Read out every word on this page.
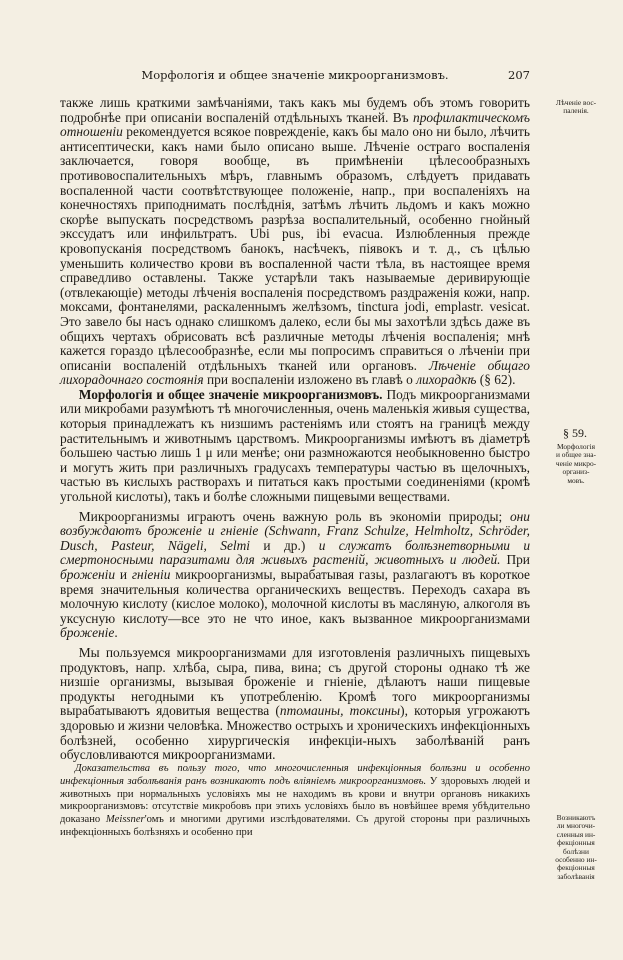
Морфологія и общее значеніе микроорганизмовъ.	207

также лишь краткими замѣчаніями, такъ какъ мы будемъ объ этомъ говорить подробнѣе при описаніи воспаленій отдѣльныхъ тканей. Въ профилактическомъ отношеніи рекомендуется всякое поврежденіе, какъ бы мало оно ни было, лѣчить антисептически, какъ нами было описано выше. Лѣченіе остраго воспаленія заключается, говоря вообще, въ примѣненіи цѣлесообразныхъ противовоспалительныхъ мѣръ, главнымъ образомъ, слѣдуетъ придавать воспаленной части соотвѣтствующее положеніе, напр., при воспаленіяхъ на конечностяхъ приподнимать послѣднія, затѣмъ лѣчить льдомъ и какъ можно скорѣе выпускать посредствомъ разрѣза воспалительный, особенно гнойный экссудатъ или инфильтратъ. Ubi pus, ibi evacua. Излюбленныя прежде кровопусканія посредствомъ банокъ, насѣчекъ, піявокъ и т. д., съ цѣлью уменьшить количество крови въ воспаленной части тѣла, въ настоящее время справедливо оставлены. Также устарѣли такъ называемые деривирующіе (отвлекающіе) методы лѣченія воспаленія посредствомъ раздраженія кожи, напр. моксами, фонтанелями, раскаленнымъ желѣзомъ, tinctura jodi, emplastr. vesicat. Это завело бы насъ однако слишкомъ далеко, если бы мы захотѣли здѣсь даже въ общихъ чертахъ обрисовать всѣ различные методы лѣченія воспаленія; мнѣ кажется гораздо цѣлесообразнѣе, если мы попросимъ справиться о лѣченіи при описаніи воспаленій отдѣльныхъ тканей или органовъ. Лѣченіе общаго лихорадочнаго состоянія при воспаленіи изложено въ главѣ о лихорадкѣ (§ 62).

Морфологія и общее значеніе микроорганизмовъ. Подъ микроорганизмами или микробами разумѣютъ тѣ многочисленныя, очень маленькія живыя существа, которыя принадлежатъ къ низшимъ растеніямъ или стоятъ на границѣ между растительнымъ и животнымъ царствомъ. Микроорганизмы имѣютъ въ діаметрѣ большею частью лишь 1 μ или менѣе; они размножаются необыкновенно быстро и могутъ жить при различныхъ градусахъ температуры частью въ щелочныхъ, частью въ кислыхъ растворахъ и питаться какъ простыми соединеніями (кромѣ угольной кислоты), такъ и болѣе сложными пищевыми веществами.

Микроорганизмы играютъ очень важную роль въ экономіи природы; они возбуждаютъ броженіе и гніеніе (Schwann, Franz Schulze, Helmholtz, Schröder, Dusch, Pasteur, Nägeli, Selmi и др.) и служатъ болѣзнетворными и смертоносными паразитами для живыхъ растеній, животныхъ и людей. При броженіи и гніеніи микроорганизмы, вырабатывая газы, разлагаютъ въ короткое время значительныя количества органическихъ веществъ. Переходъ сахара въ молочную кислоту (кислое молоко), молочной кислоты въ масляную, алкоголя въ уксусную кислоту—все это не что иное, какъ вызванное микроорганизмами броженіе.

Мы пользуемся микроорганизмами для изготовленія различныхъ пищевыхъ продуктовъ, напр. хлѣба, сыра, пива, вина; съ другой стороны однако тѣ же низшіе организмы, вызывая броженіе и гніеніе, дѣлаютъ наши пищевые продукты негодными къ употребленію. Кромѣ того микроорганизмы вырабатываютъ ядовитыя вещества (птомаины, токсины), которыя угрожаютъ здоровью и жизни человѣка. Множество острыхъ и хроническихъ инфекціонныхъ болѣзней, особенно хирургическія инфекціи-ныхъ заболѣваній ранъ обусловливаются микроорганизмами.

Доказательства въ пользу того, что многочисленныя инфекціонныя болѣзни и особенно инфекціонныя заболѣванія ранъ возникаютъ подъ вліяніемъ микроорганизмовъ. У здоровыхъ людей и животныхъ при нормальныхъ условіяхъ мы не находимъ въ крови и внутри органовъ никакихъ микроорганизмовъ: отсутствіе микробовъ при этихъ условіяхъ было въ новѣйшее время убѣдительно доказано Meissner'омъ и многими другими изслѣдователями. Съ другой стороны при различныхъ инфекціонныхъ болѣзняхъ и особенно при

Лѣченіе вос-
паленія.
§ 59.
Морфологія
и общее зна-
ченіе микро-
организ-
мовъ.
Возникаютъ
ли многочи-
сленныя ин-
фекціонныя
болѣзни
особенно ин-
фекціонныя
заболѣванія
